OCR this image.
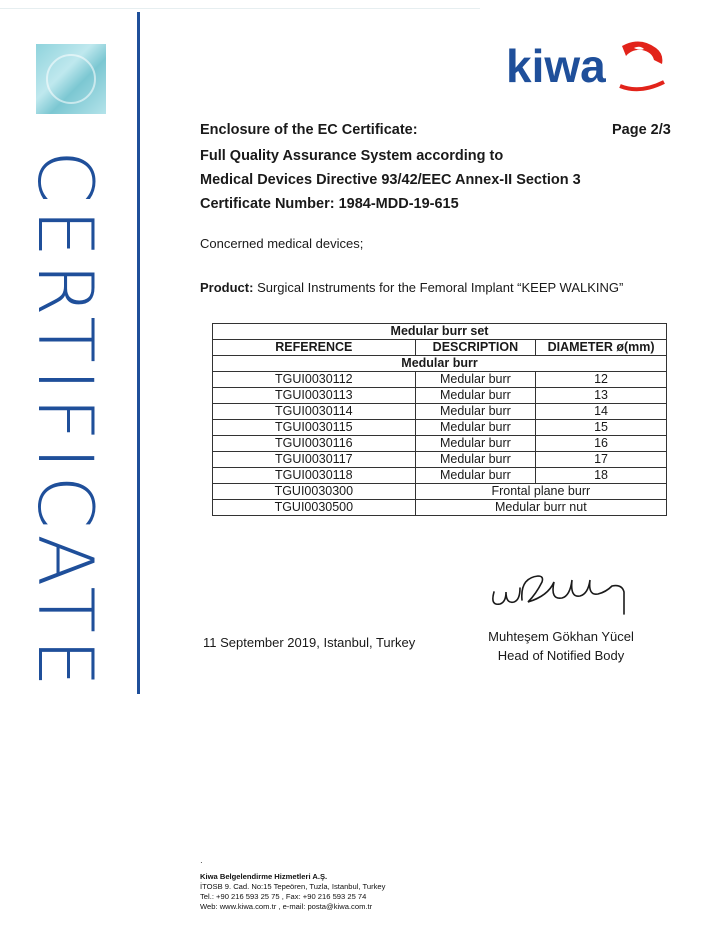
CERTIFICATE
kiwa
Enclosure of the EC Certificate:	Page 2/3
Full Quality Assurance System according to
Medical Devices Directive 93/42/EEC Annex-II Section 3
Certificate Number: 1984-MDD-19-615
Concerned medical devices;
Product: Surgical Instruments for the Femoral Implant “KEEP WALKING”
Medular burr set		
REFERENCE	DESCRIPTION	DIAMETER ø(mm)
Medular burr		
TGUI0030112	Medular burr	12
TGUI0030113	Medular burr	13
TGUI0030114	Medular burr	14
TGUI0030115	Medular burr	15
TGUI0030116	Medular burr	16
TGUI0030117	Medular burr	17
TGUI0030118	Medular burr	18
TGUI0030300	Frontal plane burr	
TGUI0030500	Medular burr nut	
11 September 2019, Istanbul, Turkey	Muhteşem Gökhan Yücel
Head of Notified Body
·
Kiwa Belgelendirme Hizmetleri A.Ş.
İTOSB 9. Cad. No:15 Tepeören, Tuzla, Istanbul, Turkey
Tel.: +90 216 593 25 75 , Fax: +90 216 593 25 74
Web: www.kiwa.com.tr , e-mail: posta@kiwa.com.tr
